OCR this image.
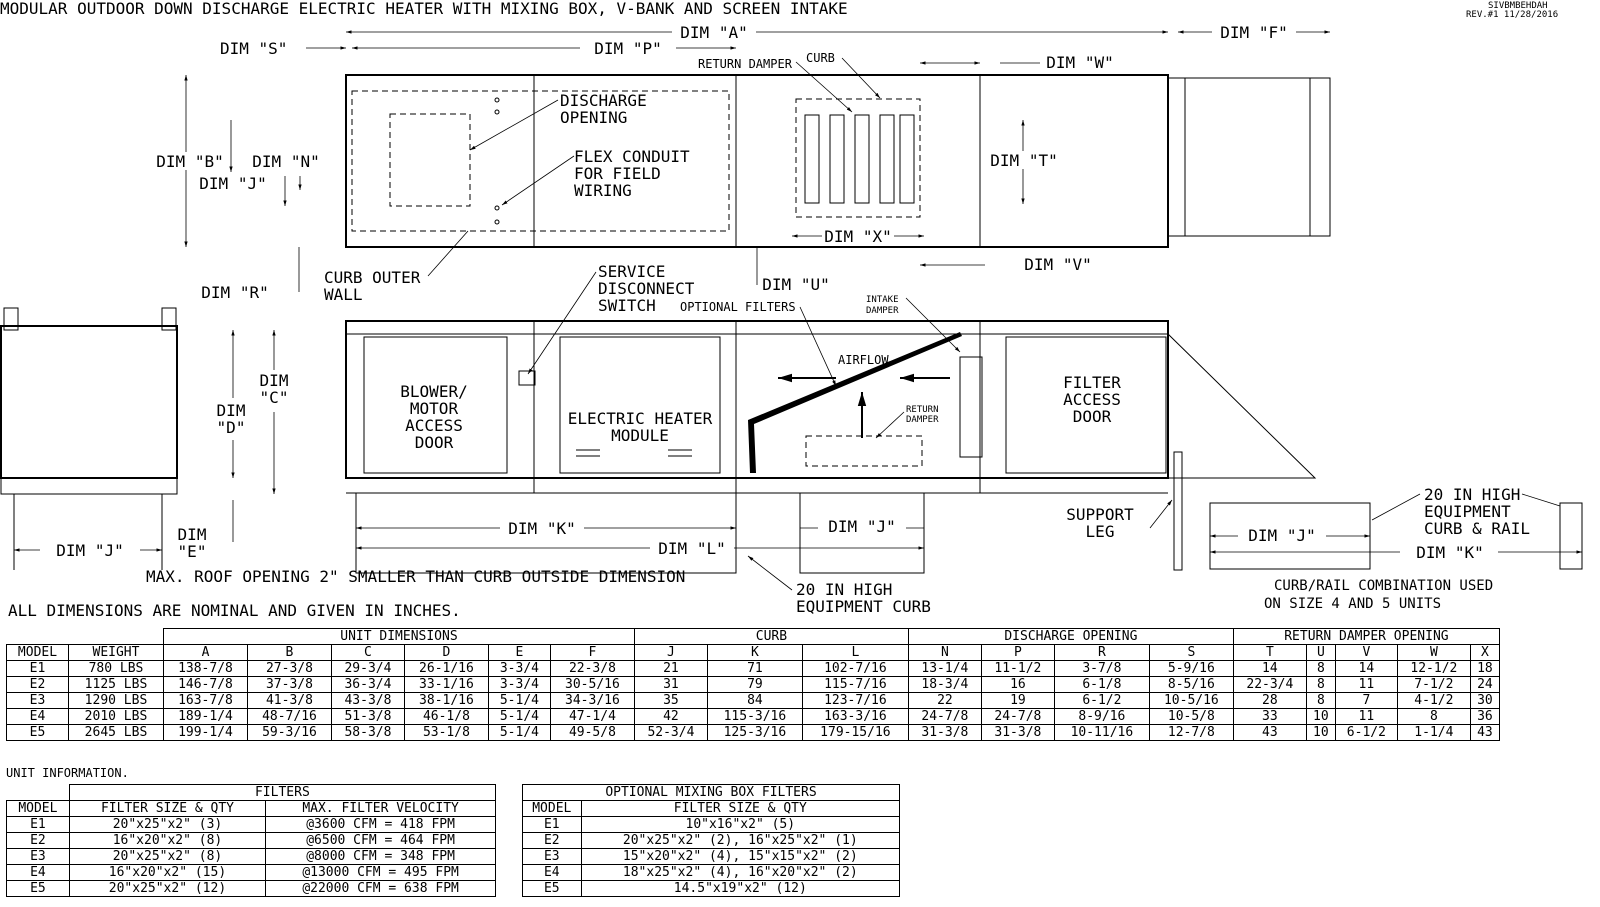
MODULAR OUTDOOR DOWN DISCHARGE ELECTRIC HEATER WITH MIXING BOX, V-BANK AND SCREEN INTAKE	SIVBMBEHDAH
REV.#1 11/28/2016
DIM "A"	DIM "F"
DIM "S"	DIM "P"
DIM "W"
DIM "B" DIM "N"
DIM "J"
DIM "T"
DIM "X"
DIM "V"
DIM "R"	DIM "U"
DISCHARGE
OPENING
FLEX CONDUIT
FOR FIELD
WIRING
RETURN DAMPER CURB
CURB OUTER
WALL
DIM
"C"
DIM
"D"
DIM
"E"
DIM "J"
DIM "K"
DIM "L"
DIM "J"
SERVICE
DISCONNECT
SWITCH OPTIONAL FILTERS	INTAKE
DAMPER
AIRFLOW
RETURN
DAMPER
BLOWER/
MOTOR
ACCESS
DOOR
ELECTRIC HEATER
MODULE
FILTER
ACCESS
DOOR
SUPPORT
LEG
20 IN HIGH
EQUIPMENT CURB
MAX. ROOF OPENING 2" SMALLER THAN CURB OUTSIDE DIMENSION
DIM "J"
DIM "K"
20 IN HIGH
EQUIPMENT
CURB & RAIL
CURB/RAIL COMBINATION USED
ON SIZE 4 AND 5 UNITS
ALL DIMENSIONS ARE NOMINAL AND GIVEN IN INCHES.
UNIT INFORMATION.
		UNIT DIMENSIONS						CURB			DISCHARGE OPENING				RETURN DAMPER OPENING				
MODEL	WEIGHT	A	B	C	D	E	F	J	K	L	N	P	R	S	T	U	V	W	X
E1	780 LBS	138-7/8	27-3/8	29-3/4	26-1/16	3-3/4	22-3/8	21	71	102-7/16	13-1/4	11-1/2	3-7/8	5-9/16	14	8	14	12-1/2	18
E2	1125 LBS	146-7/8	37-3/8	36-3/4	33-1/16	3-3/4	30-5/16	31	79	115-7/16	18-3/4	16	6-1/8	8-5/16	22-3/4	8	11	7-1/2	24
E3	1290 LBS	163-7/8	41-3/8	43-3/8	38-1/16	5-1/4	34-3/16	35	84	123-7/16	22	19	6-1/2	10-5/16	28	8	7	4-1/2	30
E4	2010 LBS	189-1/4	48-7/16	51-3/8	46-1/8	5-1/4	47-1/4	42	115-3/16	163-3/16	24-7/8	24-7/8	8-9/16	10-5/8	33	10	11	8	36
E5	2645 LBS	199-1/4	59-3/16	58-3/8	53-1/8	5-1/4	49-5/8	52-3/4	125-3/16	179-15/16	31-3/8	31-3/8	10-11/16	12-7/8	43	10	6-1/2	1-1/4	43
	FILTERS	
MODEL	FILTER SIZE & QTY	MAX. FILTER VELOCITY
E1	20"x25"x2" (3)	@3600 CFM = 418 FPM
E2	16"x20"x2" (8)	@6500 CFM = 464 FPM
E3	20"x25"x2" (8)	@8000 CFM = 348 FPM
E4	16"x20"x2" (15)	@13000 CFM = 495 FPM
E5	20"x25"x2" (12)	@22000 CFM = 638 FPM
OPTIONAL MIXING BOX FILTERS	
MODEL	FILTER SIZE & QTY
E1	10"x16"x2" (5)
E2	20"x25"x2" (2), 16"x25"x2" (1)
E3	15"x20"x2" (4), 15"x15"x2" (2)
E4	18"x25"x2" (4), 16"x20"x2" (2)
E5	14.5"x19"x2" (12)
